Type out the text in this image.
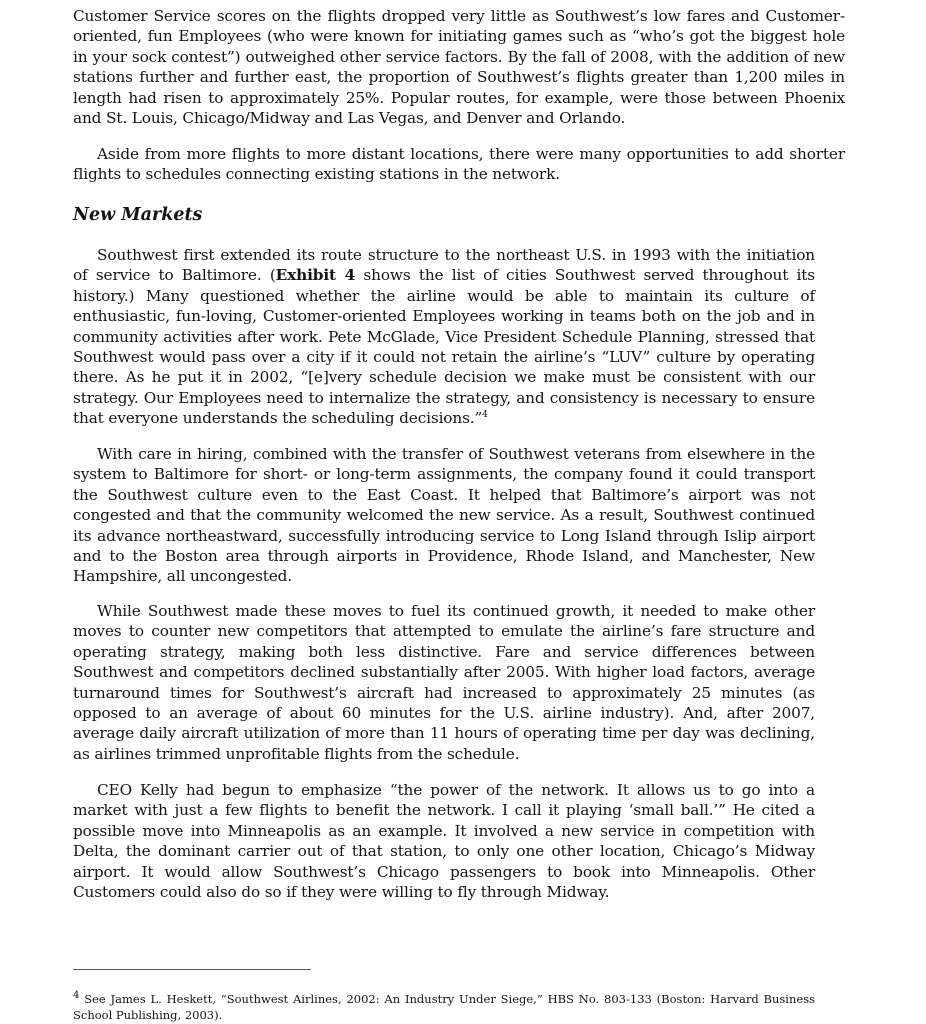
Customer Service scores on the flights dropped very little as Southwest’s low fares and Customer-oriented, fun Employees (who were known for initiating games such as “who’s got the biggest hole in your sock contest”) outweighed other service factors. By the fall of 2008, with the addition of new stations further and further east, the proportion of Southwest’s flights greater than 1,200 miles in length had risen to approximately 25%. Popular routes, for example, were those between Phoenix and St. Louis, Chicago/Midway and Las Vegas, and Denver and Orlando.

Aside from more flights to more distant locations, there were many opportunities to add shorter flights to schedules connecting existing stations in the network.

New Markets

Southwest first extended its route structure to the northeast U.S. in 1993 with the initiation of service to Baltimore. (Exhibit 4 shows the list of cities Southwest served throughout its history.) Many questioned whether the airline would be able to maintain its culture of enthusiastic, fun-loving, Customer-oriented Employees working in teams both on the job and in community activities after work. Pete McGlade, Vice President Schedule Planning, stressed that Southwest would pass over a city if it could not retain the airline’s “LUV” culture by operating there. As he put it in 2002, “[e]very schedule decision we make must be consistent with our strategy. Our Employees need to internalize the strategy, and consistency is necessary to ensure that everyone understands the scheduling decisions.”$^4$

With care in hiring, combined with the transfer of Southwest veterans from elsewhere in the system to Baltimore for short- or long-term assignments, the company found it could transport the Southwest culture even to the East Coast. It helped that Baltimore’s airport was not congested and that the community welcomed the new service. As a result, Southwest continued its advance northeastward, successfully introducing service to Long Island through Islip airport and to the Boston area through airports in Providence, Rhode Island, and Manchester, New Hampshire, all uncongested.

While Southwest made these moves to fuel its continued growth, it needed to make other moves to counter new competitors that attempted to emulate the airline’s fare structure and operating strategy, making both less distinctive. Fare and service differences between Southwest and competitors declined substantially after 2005. With higher load factors, average turnaround times for Southwest’s aircraft had increased to approximately 25 minutes (as opposed to an average of about 60 minutes for the U.S. airline industry). And, after 2007, average daily aircraft utilization of more than 11 hours of operating time per day was declining, as airlines trimmed unprofitable flights from the schedule.

CEO Kelly had begun to emphasize “the power of the network. It allows us to go into a market with just a few flights to benefit the network. I call it playing ‘small ball.’” He cited a possible move into Minneapolis as an example. It involved a new service in competition with Delta, the dominant carrier out of that station, to only one other location, Chicago’s Midway airport. It would allow Southwest’s Chicago passengers to book into Minneapolis. Other Customers could also do so if they were willing to fly through Midway.

4 See James L. Heskett, “Southwest Airlines, 2002: An Industry Under Siege,” HBS No. 803-133 (Boston: Harvard Business School Publishing, 2003).
